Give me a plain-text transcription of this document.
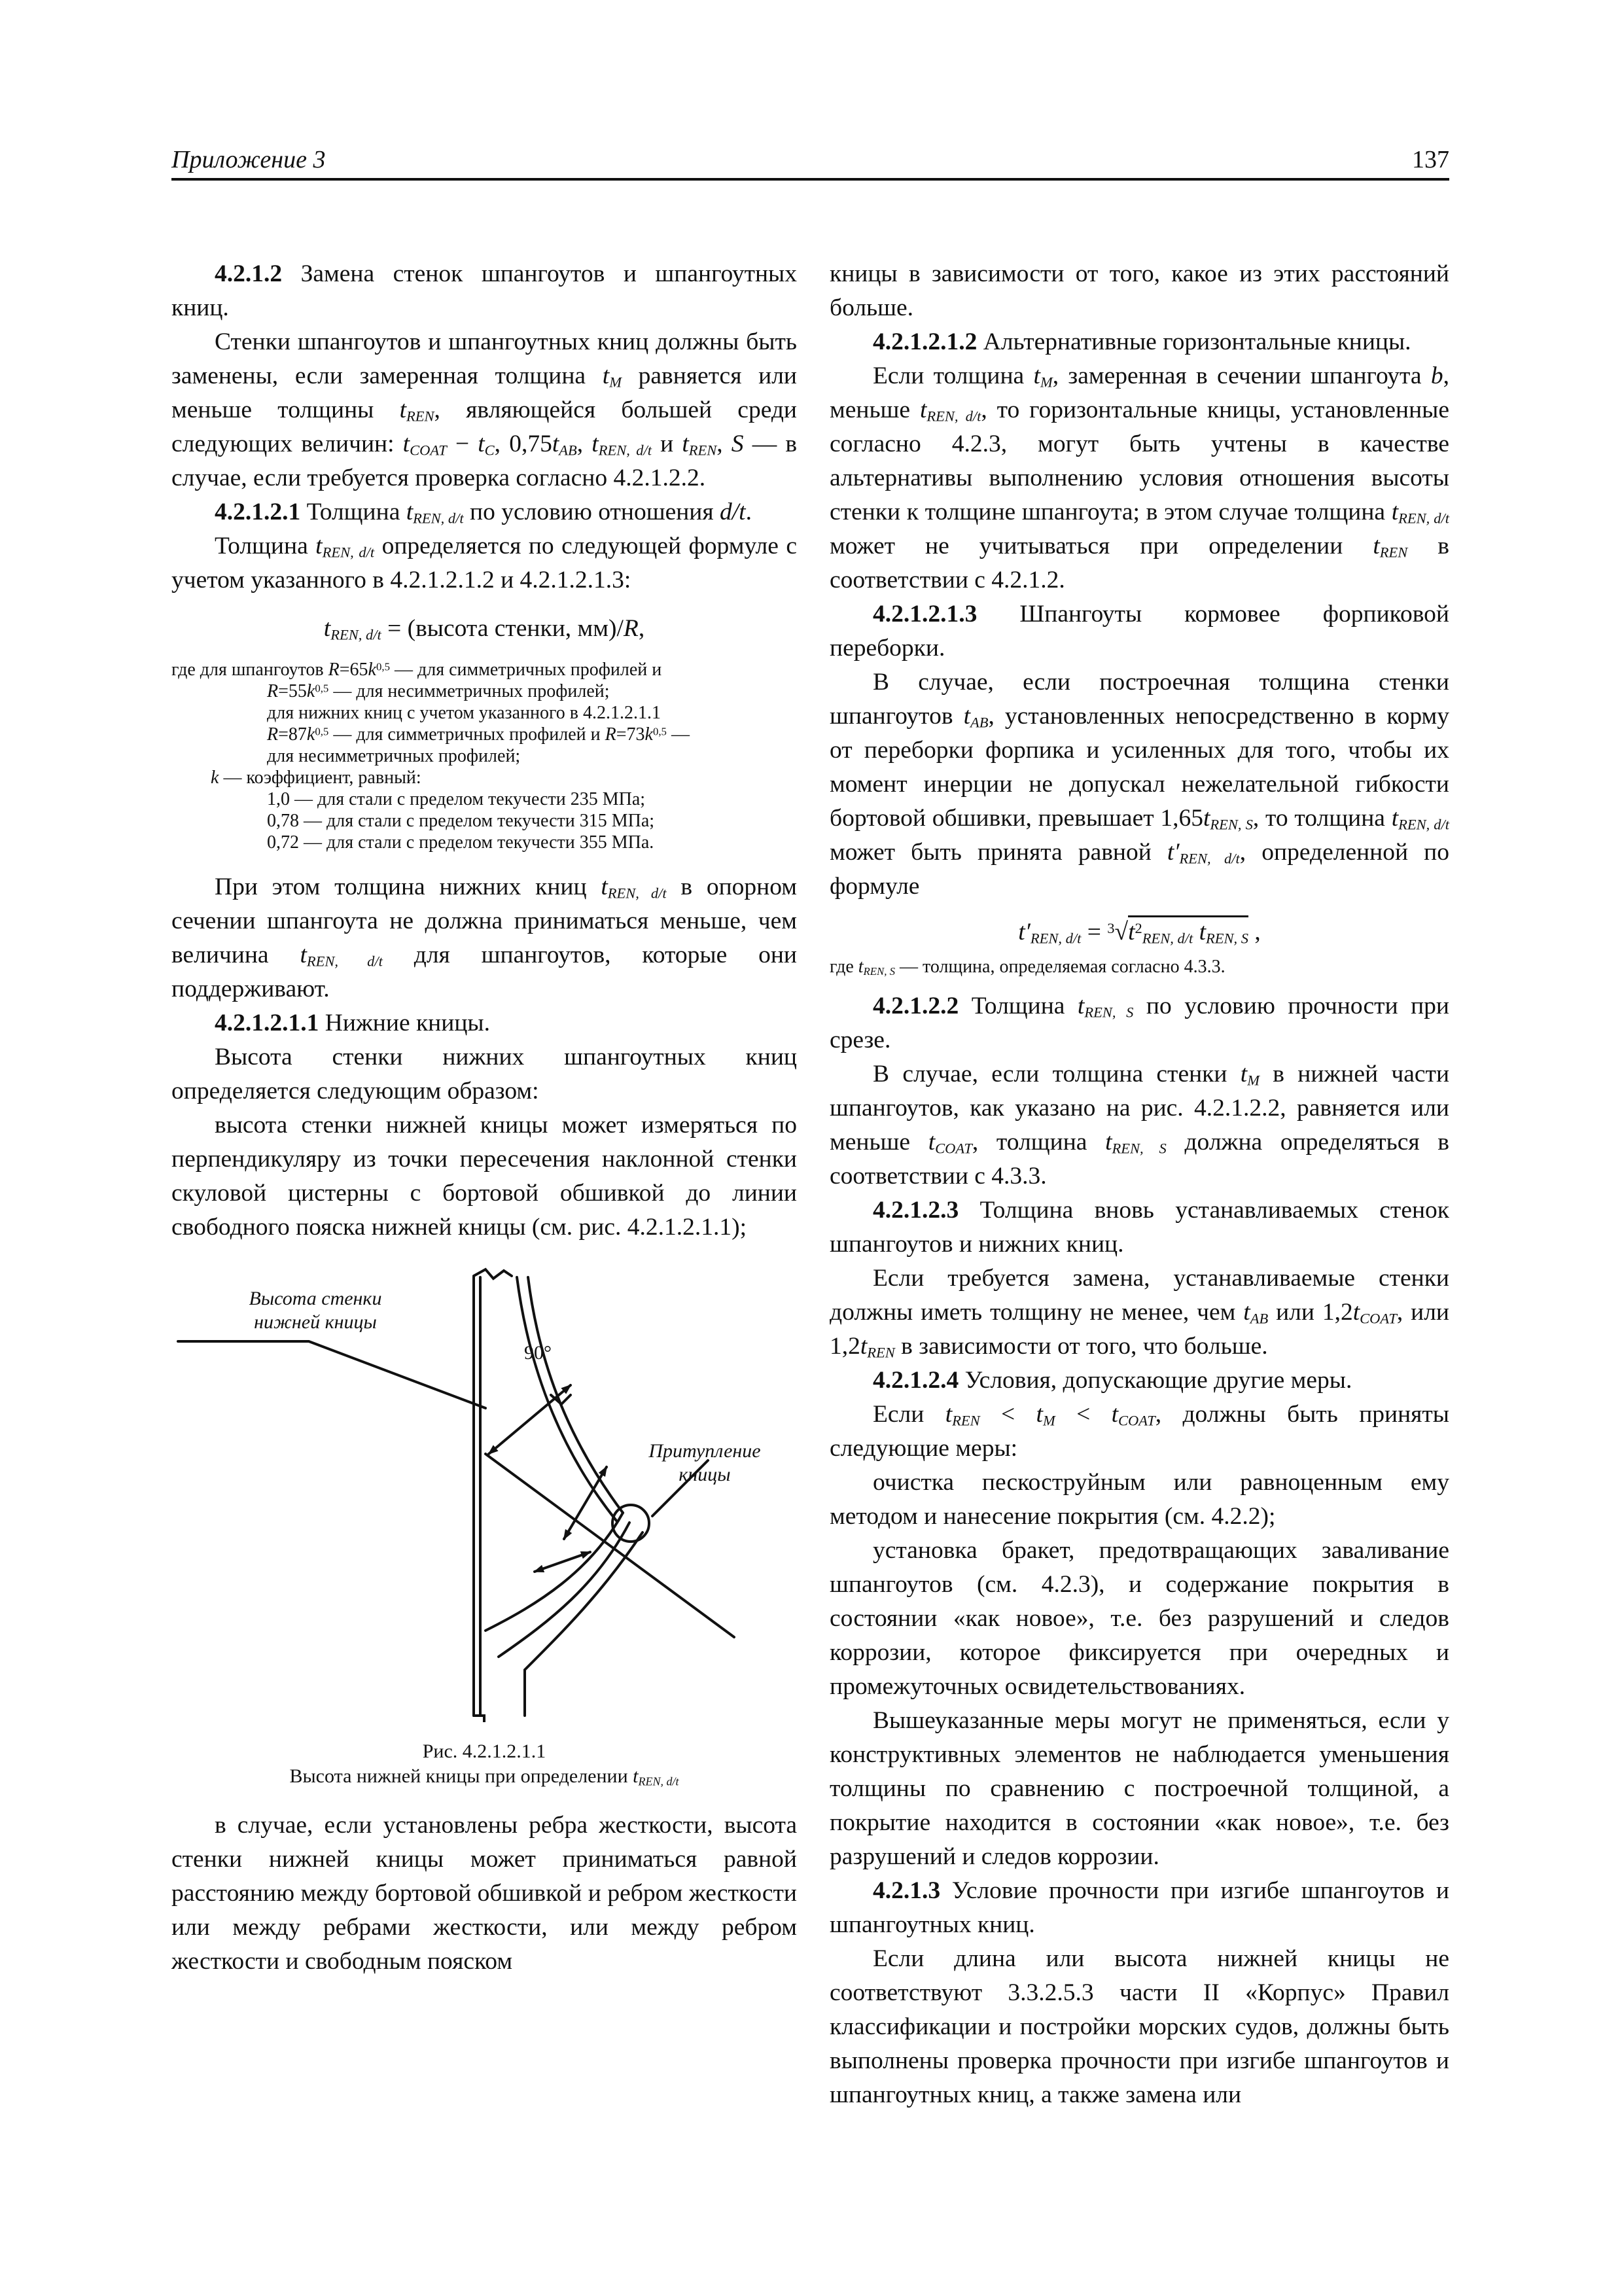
Приложение 3	137

4.2.1.2 Замена стенок шпангоутов и шпангоутных книц.

Стенки шпангоутов и шпангоутных книц должны быть заменены, если замеренная толщина $t_M$ равняется или меньше толщины $t_{REN}$, являющейся большей среди следующих величин: $t_{COAT} - t_C$, $0,75t_{AB}$, $t_{REN, d/t}$ и $t_{REN}$, S — в случае, если требуется проверка согласно 4.2.1.2.2.

4.2.1.2.1 Толщина $t_{REN, d/t}$ по условию отношения d/t.

Толщина $t_{REN, d/t}$ определяется по следующей формуле с учетом указанного в 4.2.1.2.1.2 и 4.2.1.2.1.3:

$t_{REN, d/t}$ = (высота стенки, мм)/R,

где для шпангоутов $R=65k^{0,5}$ — для симметричных профилей и
$R=55k^{0,5}$ — для несимметричных профилей;
для нижних книц с учетом указанного в 4.2.1.2.1.1
$R=87k^{0,5}$ — для симметричных профилей и $R=73k^{0,5}$ —
для несимметричных профилей;
k — коэффициент, равный:
1,0 — для стали с пределом текучести 235 МПа;
0,78 — для стали с пределом текучести 315 МПа;
0,72 — для стали с пределом текучести 355 МПа.

При этом толщина нижних книц $t_{REN, d/t}$ в опорном сечении шпангоута не должна приниматься меньше, чем величина $t_{REN, d/t}$ для шпангоутов, которые они поддерживают.

4.2.1.2.1.1 Нижние кницы.

Высота стенки нижних шпангоутных книц определяется следующим образом:

высота стенки нижней кницы может измеряться по перпендикуляру из точки пересечения наклонной стенки скуловой цистерны с бортовой обшивкой до линии свободного пояска нижней кницы (см. рис. 4.2.1.2.1.1);

Высота стенки
нижней кницы
90°
Притупление
кницы

Рис. 4.2.1.2.1.1
Высота нижней кницы при определении $t_{REN, d/t}$

в случае, если установлены ребра жесткости, высота стенки нижней кницы может приниматься равной расстоянию между бортовой обшивкой и ребром жесткости или между ребрами жесткости, или между ребром жесткости и свободным пояском

кницы в зависимости от того, какое из этих расстояний больше.

4.2.1.2.1.2 Альтернативные горизонтальные кницы.

Если толщина $t_M$, замеренная в сечении шпангоута b, меньше $t_{REN, d/t}$, то горизонтальные кницы, установленные согласно 4.2.3, могут быть учтены в качестве альтернативы выполнению условия отношения высоты стенки к толщине шпангоута; в этом случае толщина $t_{REN, d/t}$ может не учитываться при определении $t_{REN}$ в соответствии с 4.2.1.2.

4.2.1.2.1.3 Шпангоуты кормовее форпиковой переборки.

В случае, если построечная толщина стенки шпангоутов $t_{AB}$, установленных непосредственно в корму от переборки форпика и усиленных для того, чтобы их момент инерции не допускал нежелательной гибкости бортовой обшивки, превышает $1,65t_{REN, S}$, то толщина $t_{REN, d/t}$ может быть принята равной $t'_{REN, d/t}$, определенной по формуле

$t'_{REN, d/t} = ^3√t^2_{REN, d/t}$ $t_{REN, S}$ ,

где $t_{REN, S}$ — толщина, определяемая согласно 4.3.3.

4.2.1.2.2 Толщина $t_{REN, S}$ по условию прочности при срезе.

В случае, если толщина стенки $t_M$ в нижней части шпангоутов, как указано на рис. 4.2.1.2.2, равняется или меньше $t_{COAT}$, толщина $t_{REN, S}$ должна определяться в соответствии с 4.3.3.

4.2.1.2.3 Толщина вновь устанавливаемых стенок шпангоутов и нижних книц.

Если требуется замена, устанавливаемые стенки должны иметь толщину не менее, чем $t_{AB}$ или $1,2t_{COAT}$, или $1,2t_{REN}$ в зависимости от того, что больше.

4.2.1.2.4 Условия, допускающие другие меры.

Если $t_{REN} < t_M < t_{COAT}$, должны быть приняты следующие меры:

очистка пескоструйным или равноценным ему методом и нанесение покрытия (см. 4.2.2);

установка бракет, предотвращающих заваливание шпангоутов (см. 4.2.3), и содержание покрытия в состоянии «как новое», т.е. без разрушений и следов коррозии, которое фиксируется при очередных и промежуточных освидетельствованиях.

Вышеуказанные меры могут не применяться, если у конструктивных элементов не наблюдается уменьшения толщины по сравнению с построечной толщиной, а покрытие находится в состоянии «как новое», т.е. без разрушений и следов коррозии.

4.2.1.3 Условие прочности при изгибе шпангоутов и шпангоутных книц.

Если длина или высота нижней кницы не соответствуют 3.3.2.5.3 части II «Корпус» Правил классификации и постройки морских судов, должны быть выполнены проверка прочности при изгибе шпангоутов и шпангоутных книц, а также замена или
